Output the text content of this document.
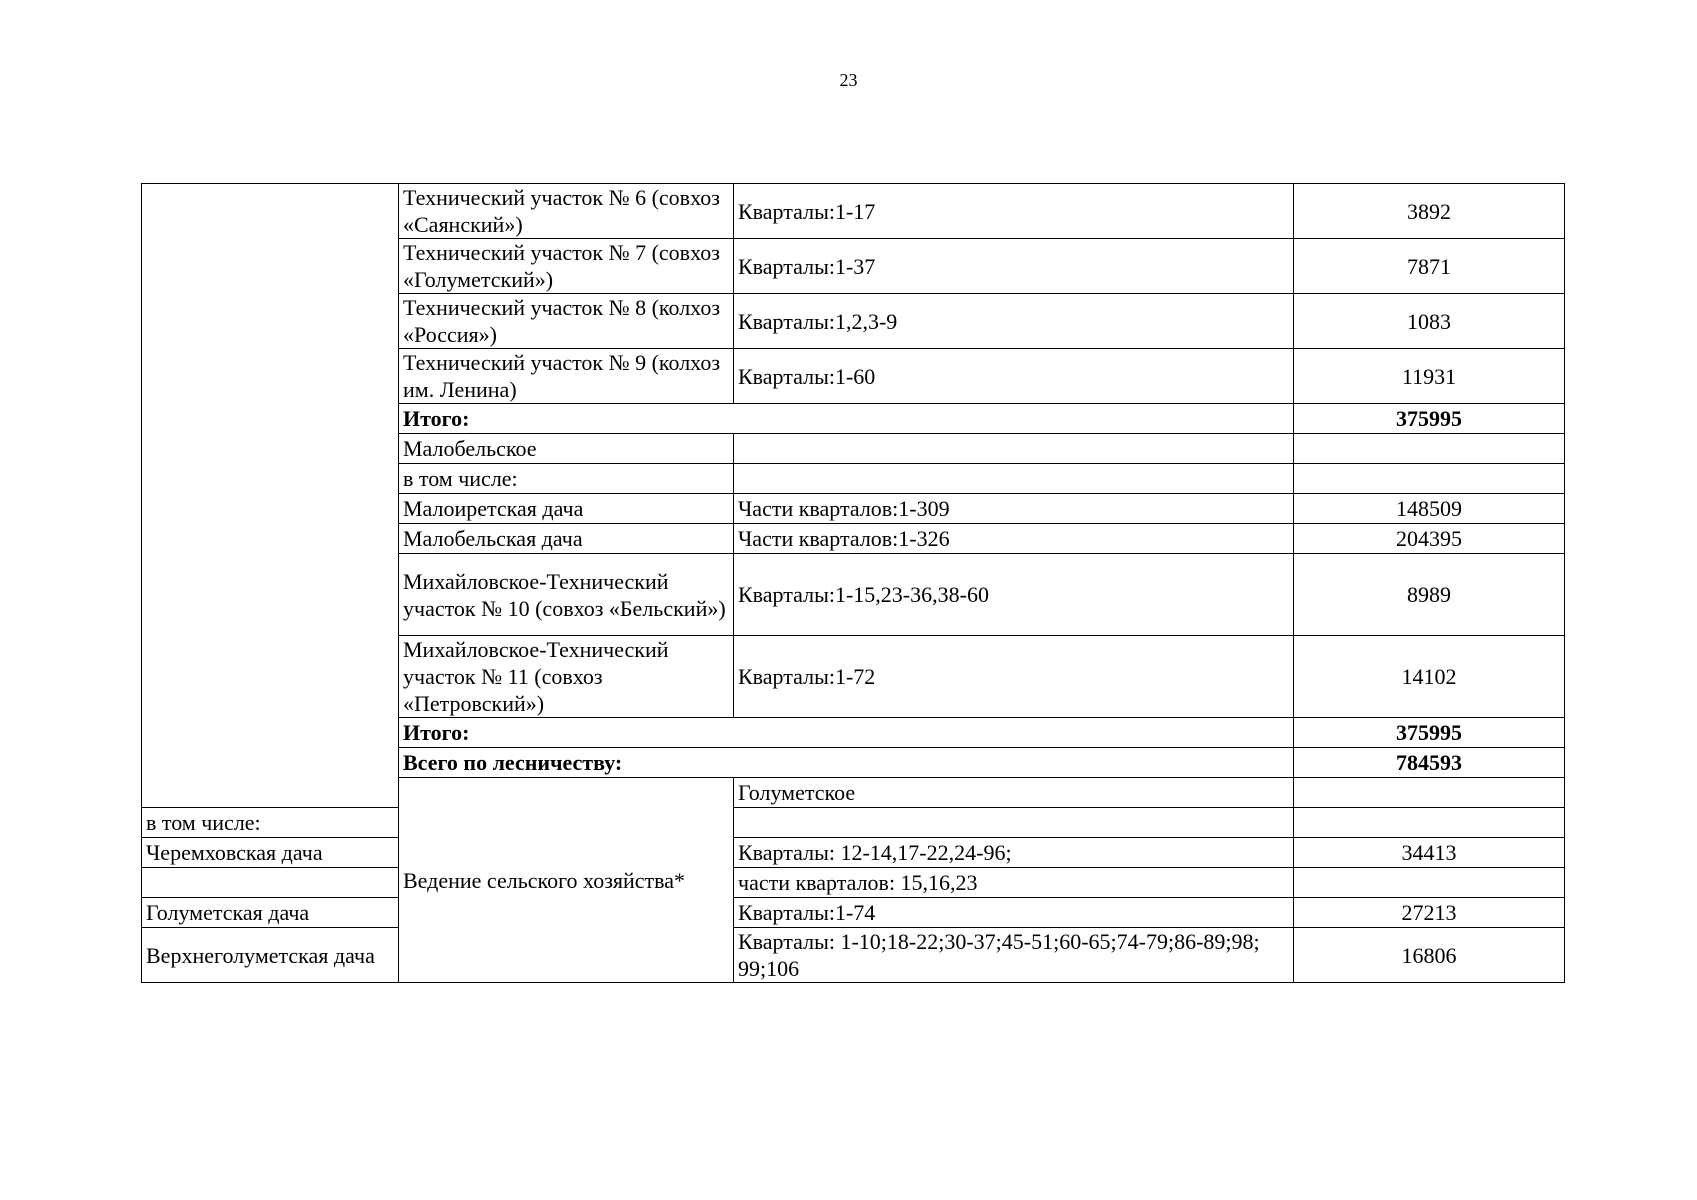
23
	Технический участок № 6 (совхоз «Саянский»)	Кварталы:1-17	3892	
	Технический участок № 7 (совхоз «Голуметский»)	Кварталы:1-37	7871	
	Технический участок № 8 (колхоз «Россия»)	Кварталы:1,2,3-9	1083	
	Технический участок № 9 (колхоз им. Ленина)	Кварталы:1-60	11931	
	Итого:		375995	
	Малобельское			
	в том числе:			
	Малоиретская дача	Части кварталов:1-309	148509	
	Малобельская дача	Части кварталов:1-326	204395	
	Михайловское-Технический участок № 10 (совхоз «Бельский»)	Кварталы:1-15,23-36,38-60	8989	
	Михайловское-Технический участок № 11 (совхоз «Петровский»)	Кварталы:1-72	14102	
	Итого:		375995	
	Всего по лесничеству:		784593	
	Ведение сельского хозяйства*	Голуметское		
в том числе:				
Черемховская дача		Кварталы: 12-14,17-22,24-96;	34413	
		части кварталов: 15,16,23		
Голуметская дача		Кварталы:1-74	27213	
Верхнеголуметская дача		Кварталы: 1-10;18-22;30-37;45-51;60-65;74-79;86-89;98; 99;106	16806	
